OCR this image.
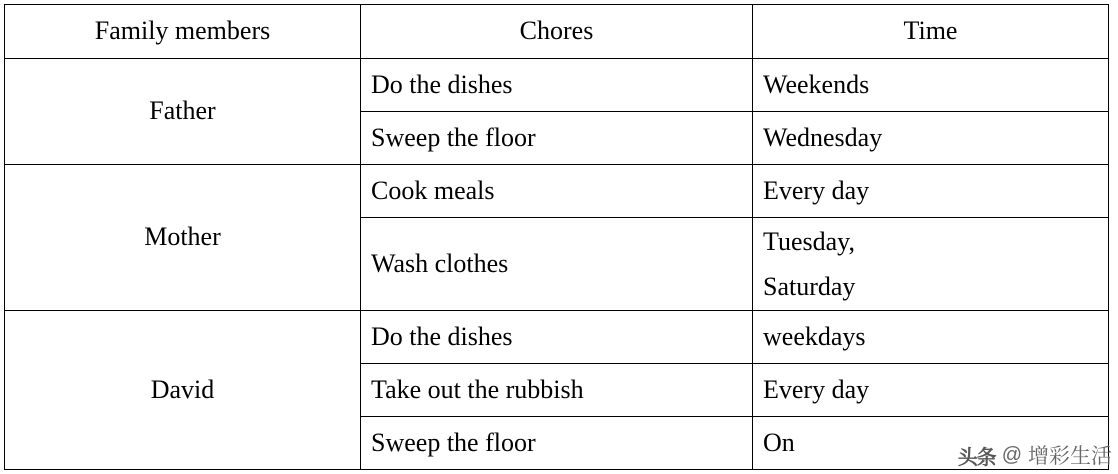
Family members	Chores	Time
Father	Do the dishes	Weekends
	Sweep the floor	Wednesday
Mother	Cook meals	Every day
	Wash clothes	Tuesday,
Saturday

David	Do the dishes	weekdays
	Take out the rubbish	Every day
	Sweep the floor	On
头条 @ 增彩生活
